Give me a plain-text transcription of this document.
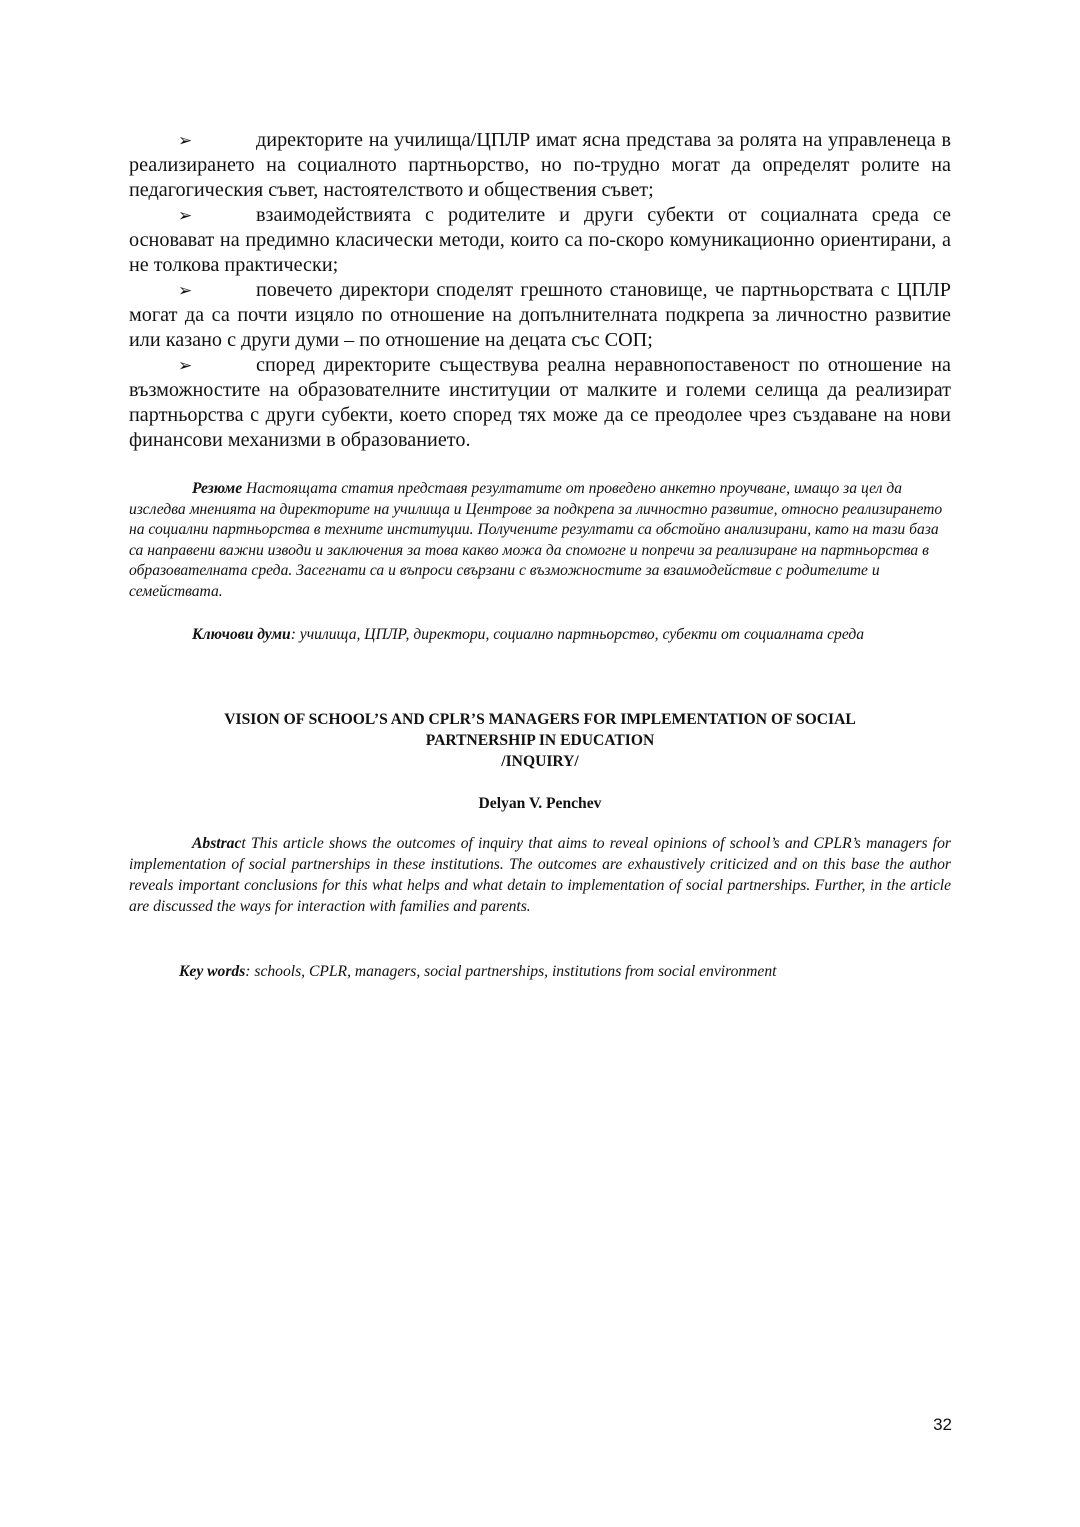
➢	директорите на училища/ЦПЛР имат ясна представа за ролята на управленеца в реализирането на социалното партньорство, но по-трудно могат да определят ролите на педагогическия съвет, настоятелството и обществения съвет;

➢	взаимодействията с родителите и други субекти от социалната среда се основават на предимно класически методи, които са по-скоро комуникационно ориентирани, а не толкова практически;

➢	повечето директори споделят грешното становище, че партньорствата с ЦПЛР могат да са почти изцяло по отношение на допълнителната подкрепа за личностно развитие или казано с други думи – по отношение на децата със СОП;

➢	според директорите съществува реална неравнопоставеност по отношение на възможностите на образователните институции от малките и големи селища да реализират партньорства с други субекти, което според тях може да се преодолее чрез създаване на нови финансови механизми в образованието.

Резюме Настоящата статия представя резултатите от проведено анкетно проучване, имащо за цел да изследва мненията на директорите на училища и Центрове за подкрепа за личностно развитие, относно реализирането на социални партньорства в техните институции. Получените резултати са обстойно анализирани, като на тази база са направени важни изводи и заключения за това какво можа да спомогне и попречи за реализиране на партньорства в образователната среда. Засегнати са и въпроси свързани с възможностите за взаимодействие с родителите и семействата.

Ключови думи: училища, ЦПЛР, директори, социално партньорство, субекти от социалната среда

VISION OF SCHOOL’S AND CPLR’S MANAGERS FOR IMPLEMENTATION OF SOCIAL
PARTNERSHIP IN EDUCATION
/INQUIRY/
Delyan V. Penchev

Abstract This article shows the outcomes of inquiry that aims to reveal opinions of school’s and CPLR’s managers for implementation of social partnerships in these institutions. The outcomes are exhaustively criticized and on this base the author reveals important conclusions for this what helps and what detain to implementation of social partnerships. Further, in the article are discussed the ways for interaction with families and parents.

Key words: schools, CPLR, managers, social partnerships, institutions from social environment

32
